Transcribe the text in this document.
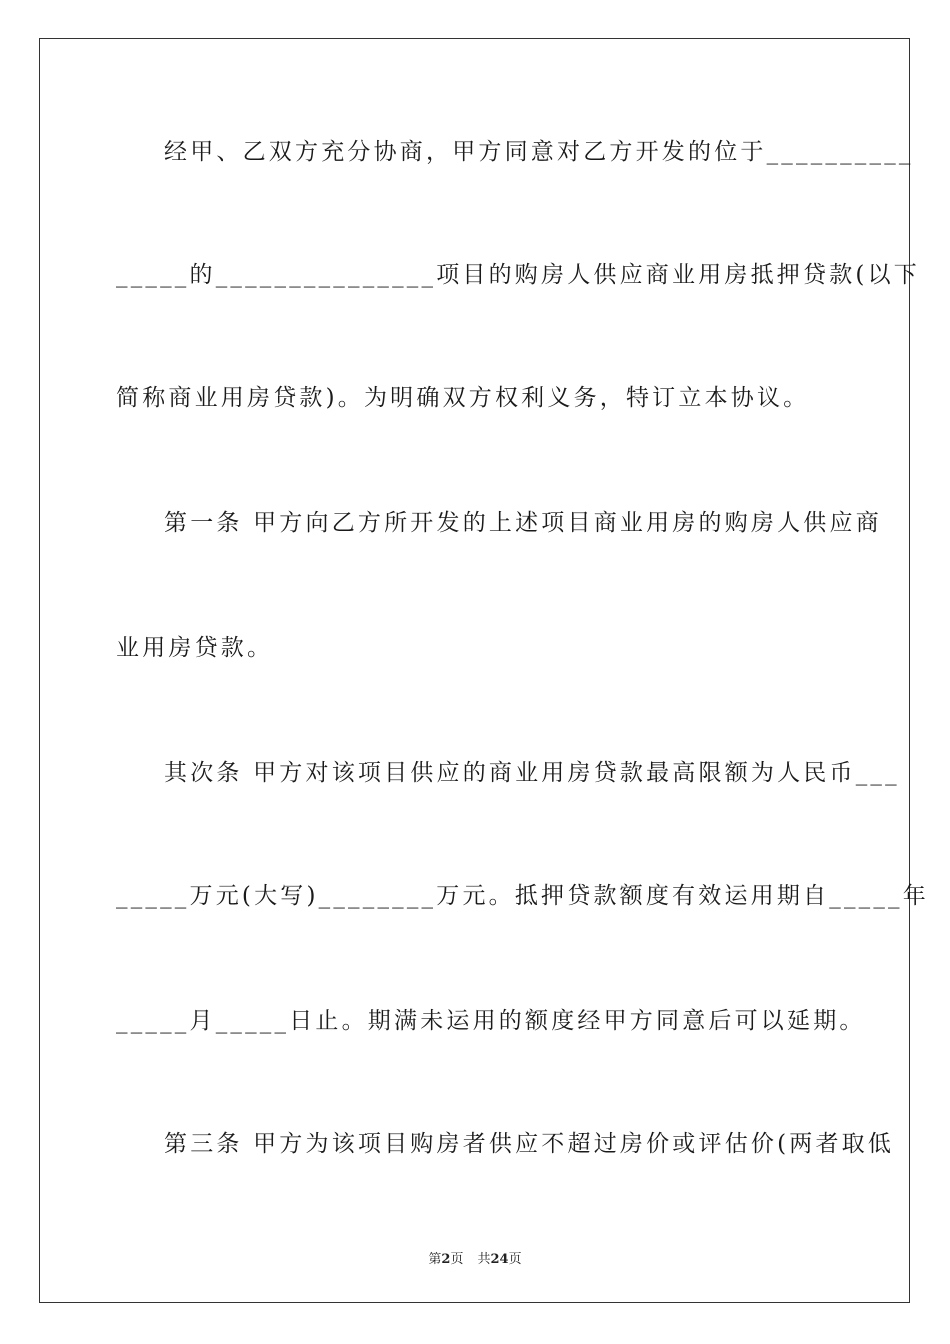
经甲、乙双方充分协商，甲方同意对乙方开发的位于__________
_____的_______________项目的购房人供应商业用房抵押贷款(以下
简称商业用房贷款)。为明确双方权利义务，特订立本协议。
第一条 甲方向乙方所开发的上述项目商业用房的购房人供应商
业用房贷款。
其次条 甲方对该项目供应的商业用房贷款最高限额为人民币___
_____万元(大写)________万元。抵押贷款额度有效运用期自_____年
_____月_____日止。期满未运用的额度经甲方同意后可以延期。
第三条 甲方为该项目购房者供应不超过房价或评估价(两者取低
第2页 共24页
